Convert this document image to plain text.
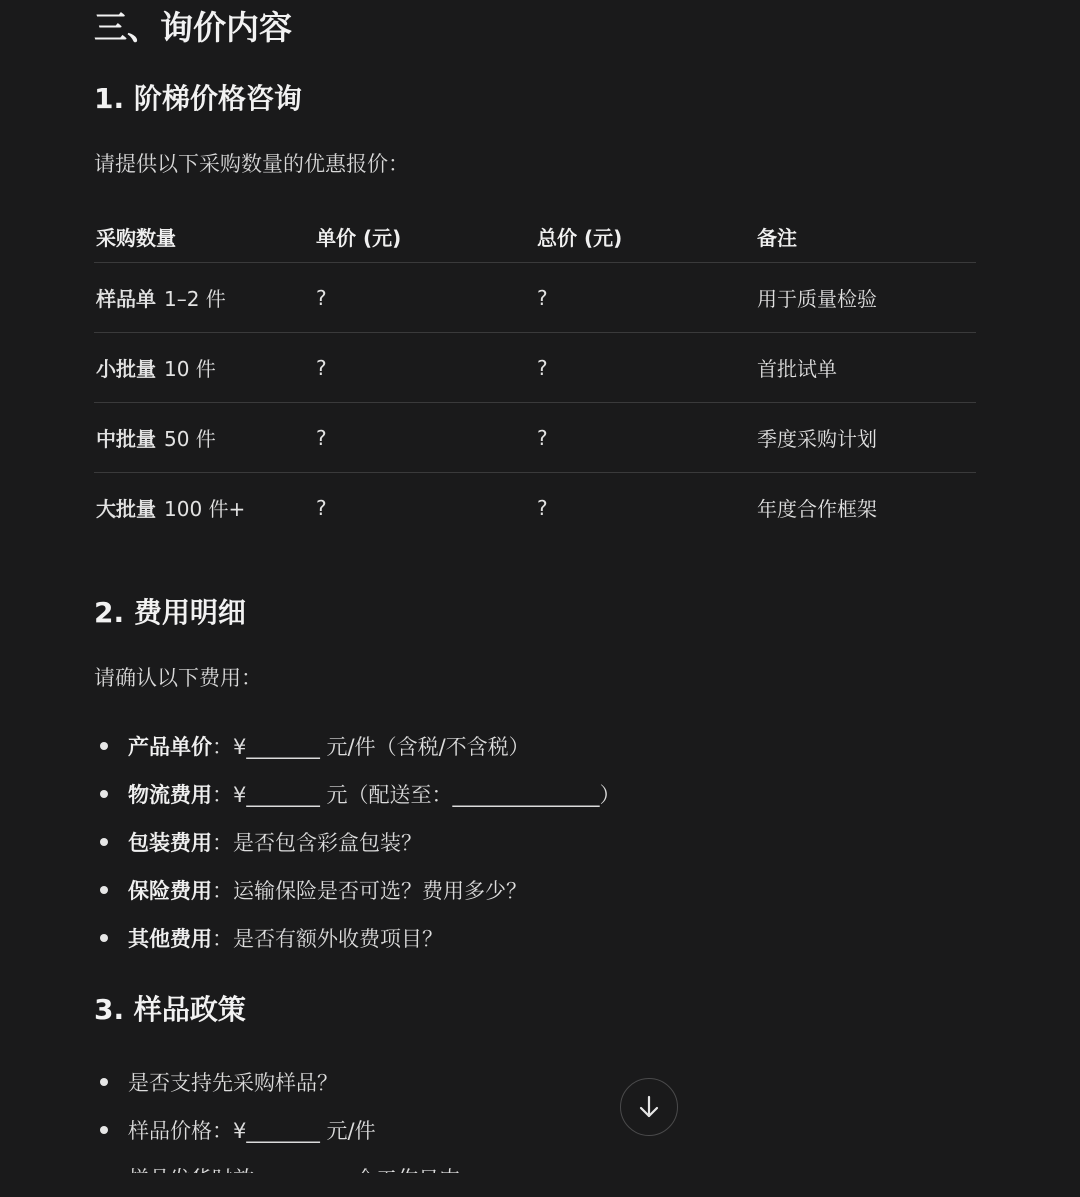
三、询价内容
1. 阶梯价格咨询
请提供以下采购数量的优惠报价：
采购数量	单价 (元)	总价 (元)	备注
样品单 1–2 件	?	?	用于质量检验
小批量 10 件	?	?	首批试单
中批量 50 件	?	?	季度采购计划
大批量 100 件+	?	?	年度合作框架
2. 费用明细
请确认以下费用：
产品单价 ：¥_______ 元/件（含税/不含税）
物流费用 ：¥_______ 元（配送至：______________）
包装费用 ：是否包含彩盒包装？
保险费用 ：运输保险是否可选？费用多少？
其他费用 ：是否有额外收费项目？
3. 样品政策
是否支持先采购样品？
样品价格：¥_______ 元/件
